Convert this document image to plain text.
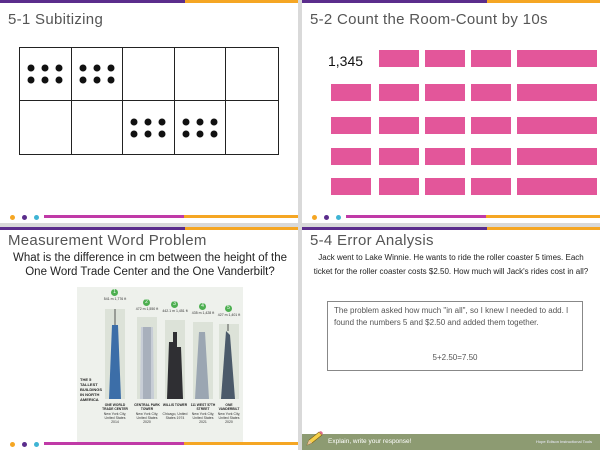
5-1 Subitizing	5-2 Count the Room-Count by 10s
1,345
Measurement Word Problem
What is the difference in cm between the height of the One Word Trade Center and the One Vanderbilt?
THE 5 TALLEST BUILDINGS IN NORTH AMERICA
1
541 m 1,776 ft
ONE WORLD TRADE CENTER
New York City, United States 2014
2
472 m 1,550 ft
CENTRAL PARK TOWER
New York City, United States 2020
3
442.1 m 1,451 ft
WILLIS TOWER
Chicago, United States 1974
4
435 m 1,428 ft
111 WEST 57TH STREET
New York City, United States 2021
5
427 m 1,401 ft
ONE VANDERBILT
New York City, United States 2020
5-4 Error Analysis
Jack went to Lake Winnie. He wants to ride the roller coaster 5 times. Each ticket for the roller coaster costs $2.50. How much will Jack's rides cost in all?
The problem asked how much "in all", so I knew I needed to add. I found the numbers 5 and $2.50 and added them together.
5+2.50=7.50
Explain, write your response!	Hope Edison Instructional Tools
